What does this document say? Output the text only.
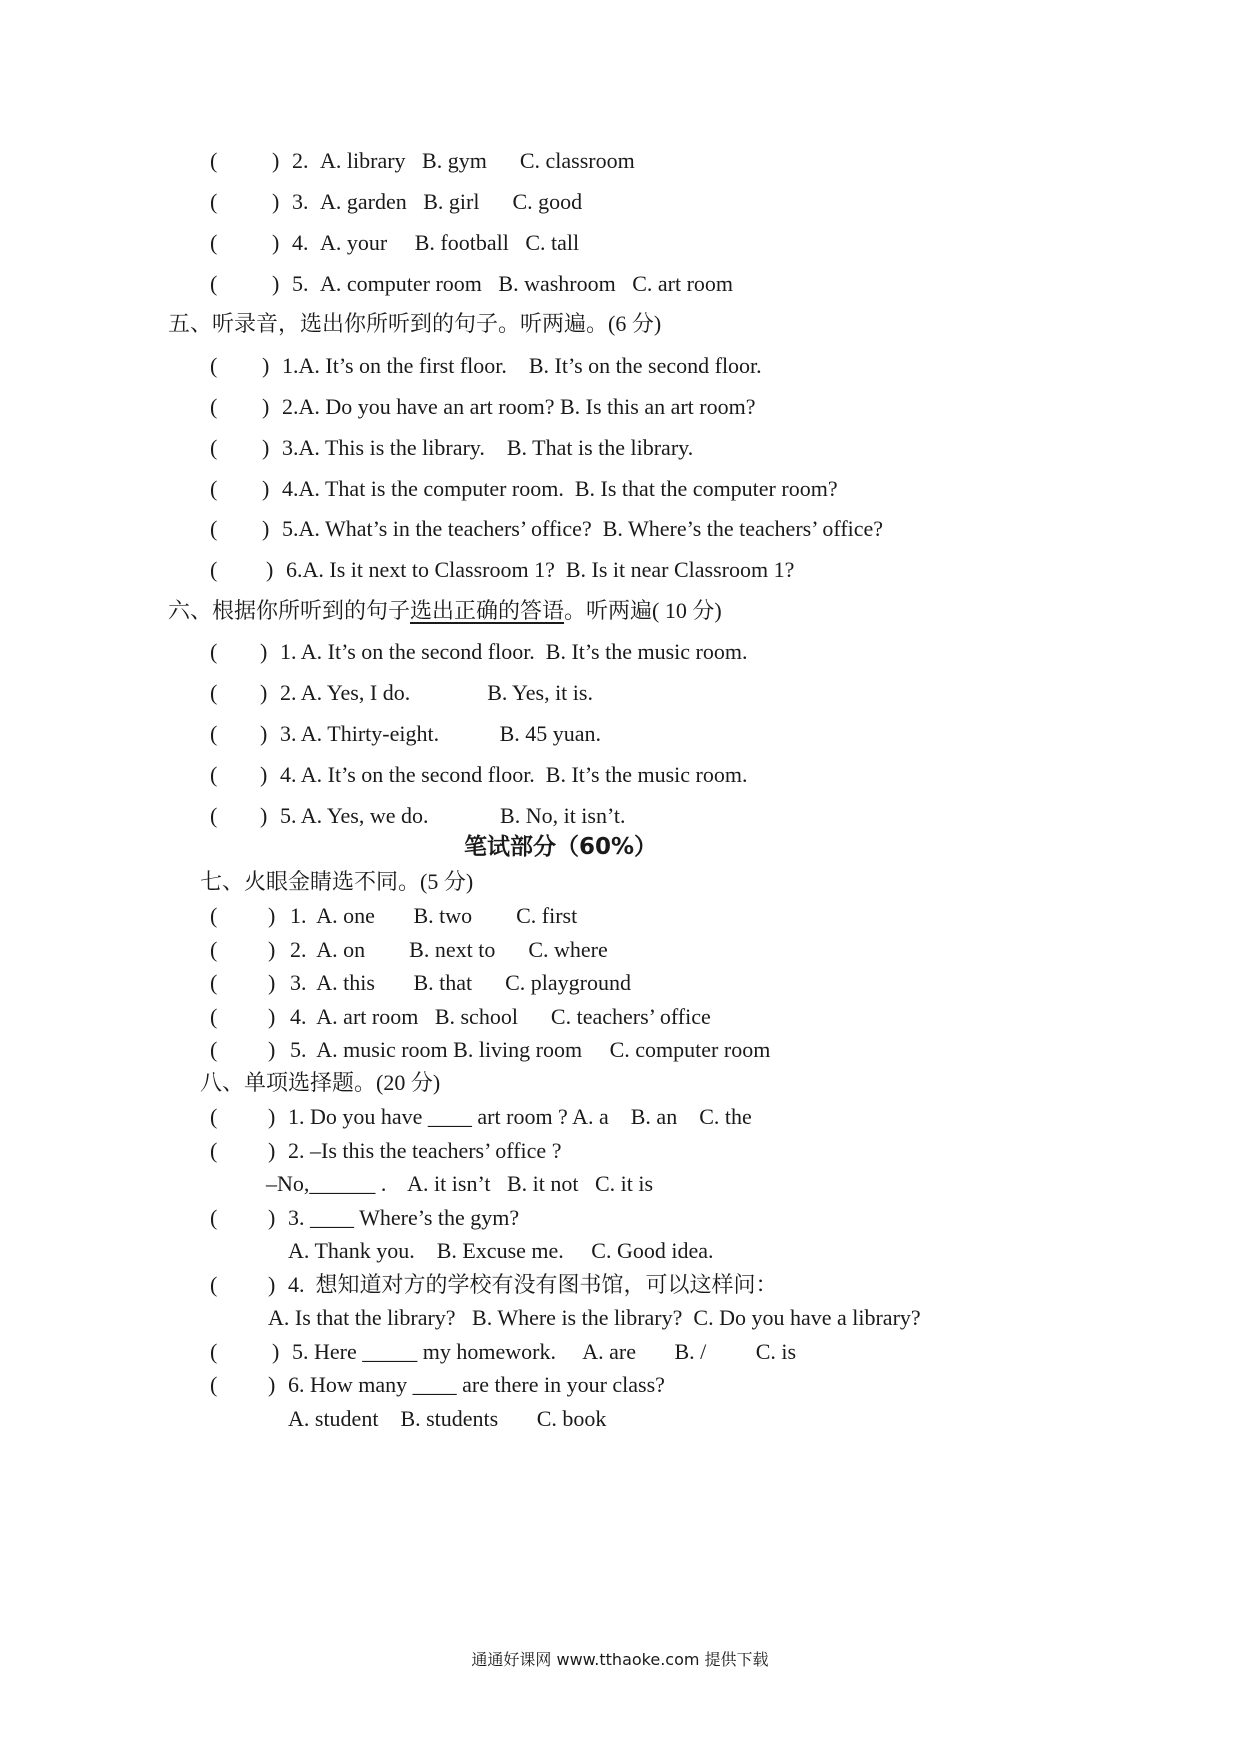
( ) 2. A. library   B. gym      C. classroom
( ) 3. A. garden   B. girl      C. good
( ) 4. A. your     B. football   C. tall
( ) 5. A. computer room   B. washroom   C. art room
五、听录音，选出你所听到的句子。听两遍。(6 分)
( ) 1.A. It’s on the first floor.    B. It’s on the second floor.
( ) 2.A. Do you have an art room? B. Is this an art room?
( ) 3.A. This is the library.    B. That is the library.
( ) 4.A. That is the computer room.  B. Is that the computer room?
( ) 5.A. What’s in the teachers’ office?  B. Where’s the teachers’ office?
( ) 6.A. Is it next to Classroom 1?  B. Is it near Classroom 1?
六、根据你所听到的句子选出正确的答语。听两遍( 10 分)
( ) 1. A. It’s on the second floor.  B. It’s the music room.
( ) 2. A. Yes, I do.              B. Yes, it is.
( ) 3. A. Thirty-eight.           B. 45 yuan.
( ) 4. A. It’s on the second floor.  B. It’s the music room.
( ) 5. A. Yes, we do.             B. No, it isn’t.
笔试部分（60%）
七、火眼金睛选不同。(5 分)
( ) 1.  A. one       B. two        C. first
( ) 2.  A. on        B. next to      C. where
( ) 3.  A. this       B. that      C. playground
( ) 4.  A. art room   B. school      C. teachers’ office
( ) 5.  A. music room B. living room     C. computer room
八、单项选择题。(20 分)
( ) 1. Do you have ____ art room ? A. a    B. an    C. the
( ) 2. –Is this the teachers’ office ?
–No,______ .    A. it isn’t   B. it not   C. it is
( ) 3. ____ Where’s the gym?
A. Thank you.    B. Excuse me.     C. Good idea.
( ) 4.  想知道对方的学校有没有图书馆，可以这样问：
A. Is that the library?   B. Where is the library?  C. Do you have a library?
( ) 5. Here _____ my homework.     A. are       B. /         C. is
( ) 6. How many ____ are there in your class?
A. student    B. students       C. book
通通好课网 www.tthaoke.com 提供下载
